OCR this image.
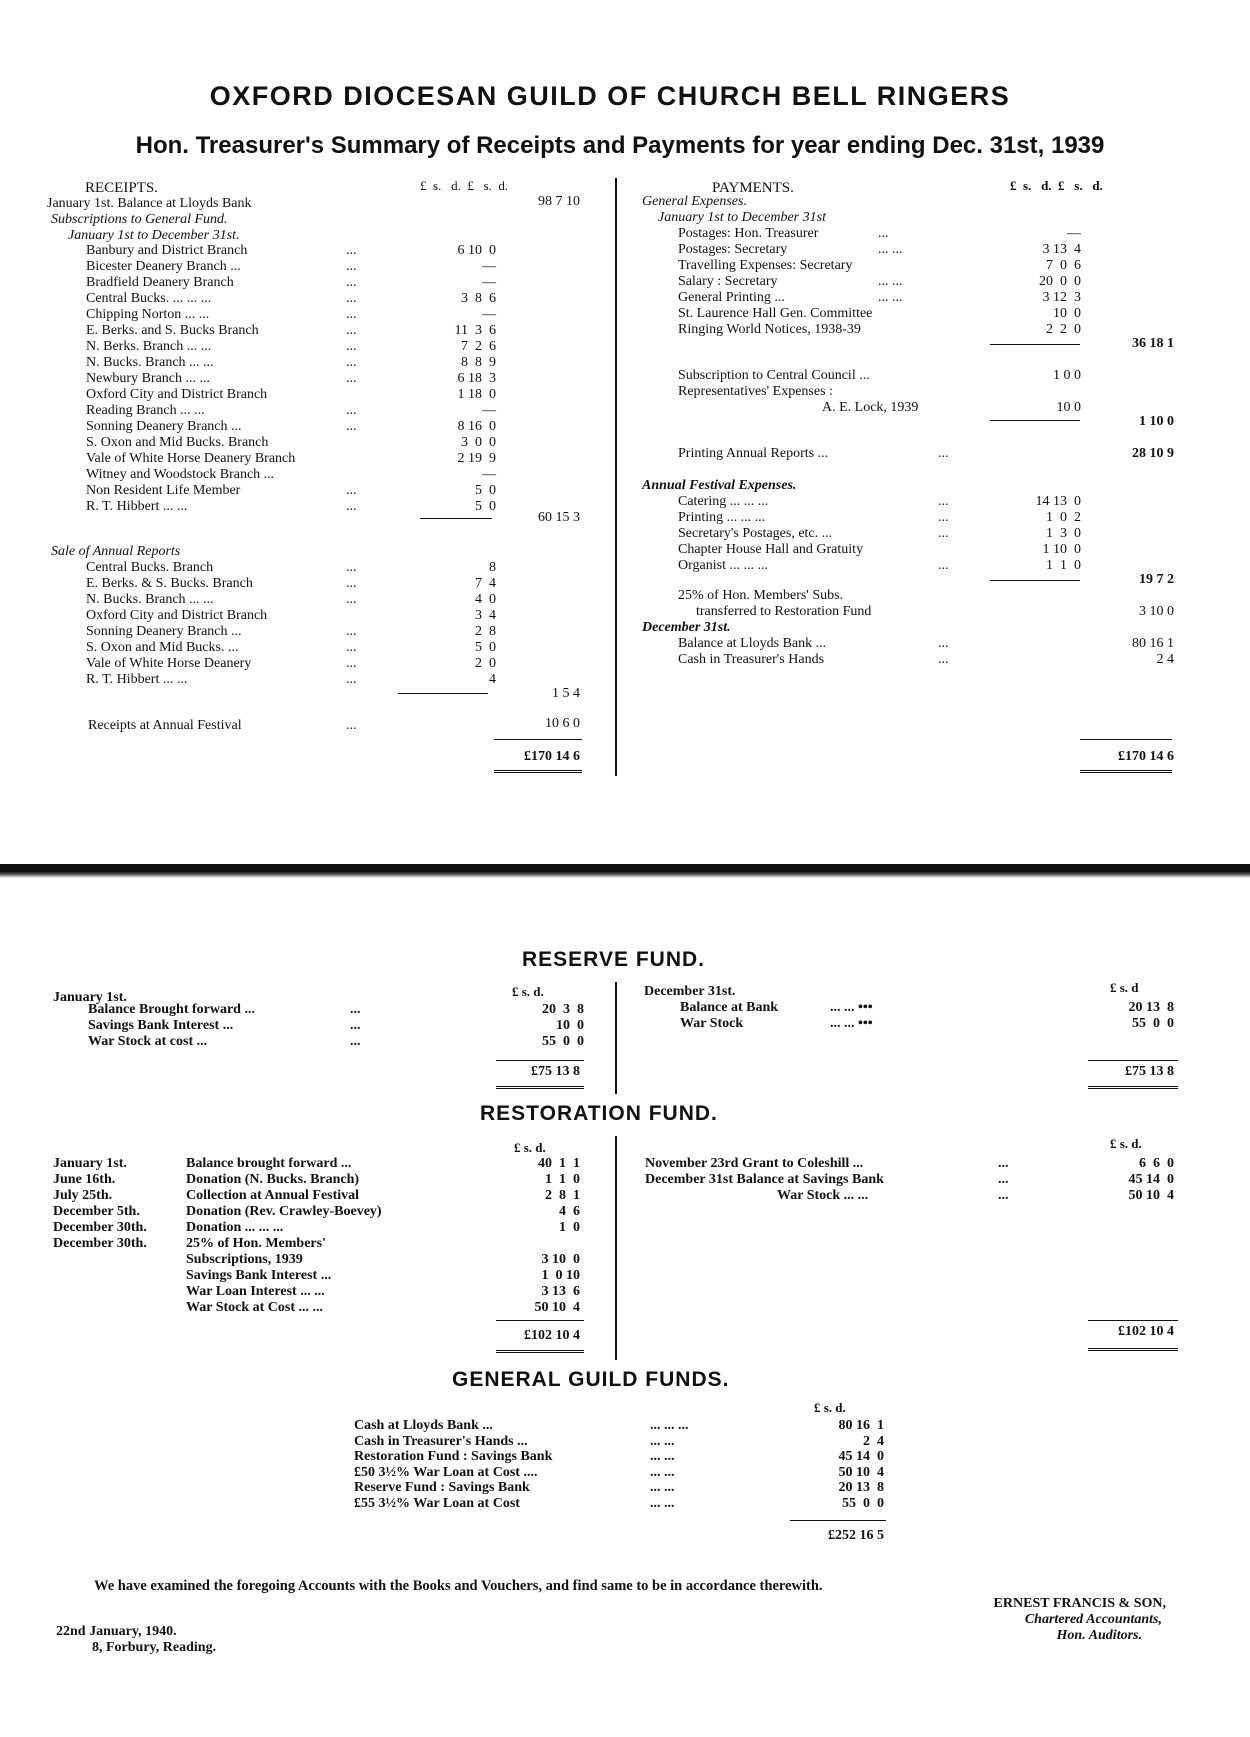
OXFORD DIOCESAN GUILD OF CHURCH BELL RINGERS
Hon. Treasurer's Summary of Receipts and Payments for year ending Dec. 31st, 1939
RECEIPTS.	£ s. d. £ s. d.	PAYMENTS.	£ s. d. £ s. d.
January 1st. Balance at Lloyds Bank	98 7 10
Subscriptions to General Fund.
January 1st to December 31st.
Banbury and District Branch	...	6 10  0
Bicester Deanery Branch ...	...	—
Bradfield Deanery Branch	...	—
Central Bucks. ... ... ...	...	3  8  6
Chipping Norton ... ...	...	—
E. Berks. and S. Bucks Branch	...	11  3  6
N. Berks. Branch ... ...	...	7  2  6
N. Bucks. Branch ... ...	...	8  8  9
Newbury Branch ... ...	...	6 18  3
Oxford City and District Branch	1 18  0
Reading Branch ... ...	...	—
Sonning Deanery Branch ...	...	8 16  0
S. Oxon and Mid Bucks. Branch	3  0  0
Vale of White Horse Deanery Branch	2 19  9
Witney and Woodstock Branch ...	—
Non Resident Life Member	...	5  0
R. T. Hibbert ... ...	...	5  0
60 15 3
Sale of Annual Reports
Central Bucks. Branch	...	8
E. Berks. & S. Bucks. Branch	...	7  4
N. Bucks. Branch ... ...	...	4  0
Oxford City and District Branch	3  4
Sonning Deanery Branch ...	...	2  8
S. Oxon and Mid Bucks. ...	...	5  0
Vale of White Horse Deanery	...	2  0
R. T. Hibbert ... ...	...	4
1 5 4
Receipts at Annual Festival	...	10 6 0
£170 14 6
General Expenses.
January 1st to December 31st
Postages: Hon. Treasurer	...	—
Postages: Secretary	... ...	3 13  4
Travelling Expenses: Secretary	7  0  6
Salary : Secretary	... ...	20  0  0
General Printing ...	... ...	3 12  3
St. Laurence Hall Gen. Committee	10  0
Ringing World Notices, 1938-39	2  2  0
36 18 1
Subscription to Central Council ...	1 0 0
Representatives' Expenses :
A. E. Lock, 1939	10 0
1 10 0
Printing Annual Reports ...	...	28 10 9
Annual Festival Expenses.
Catering ... ... ...	...	14 13  0
Printing ... ... ...	...	1  0  2
Secretary's Postages, etc. ...	...	1  3  0
Chapter House Hall and Gratuity	1 10  0
Organist ... ... ...	...	1  1  0
19 7 2
25% of Hon. Members' Subs.
transferred to Restoration Fund	3 10 0
December 31st.
Balance at Lloyds Bank ...	...	80 16 1
Cash in Treasurer's Hands	...	2 4
£170 14 6
RESERVE FUND.
January 1st.	£ s. d.
Balance Brought forward ...	...	20  3  8
Savings Bank Interest ...	...	10  0
War Stock at cost ...	...	55  0  0
£75 13 8
December 31st.	£ s. d
Balance at Bank	... ... •••	20 13  8
War Stock	... ... •••	55  0  0
£75 13 8
RESTORATION FUND.
£ s. d.
January 1st.	Balance brought forward ...	40  1  1
June 16th.	Donation (N. Bucks. Branch)	1  1  0
July 25th.	Collection at Annual Festival	2  8  1
December 5th.	Donation (Rev. Crawley-Boevey)	4  6
December 30th.	Donation ... ... ...	1  0
December 30th.	25% of Hon. Members'
Subscriptions, 1939	3 10  0
Savings Bank Interest ...	1  0 10
War Loan Interest ... ...	3 13  6
War Stock at Cost ... ...	50 10  4
£102 10 4
£ s. d.
November 23rd Grant to Coleshill ...	...	6  6  0
December 31st Balance at Savings Bank	...	45 14  0
War Stock ... ...	...	50 10  4
£102 10 4
GENERAL GUILD FUNDS.
£ s. d.
Cash at Lloyds Bank ...	... ... ...	80 16  1
Cash in Treasurer's Hands ...	... ...	2  4
Restoration Fund : Savings Bank	... ...	45 14  0
£50 3½% War Loan at Cost ....	... ...	50 10  4
Reserve Fund : Savings Bank	... ...	20 13  8
£55 3½% War Loan at Cost	... ...	55  0  0
£252 16 5
We have examined the foregoing Accounts with the Books and Vouchers, and find same to be in accordance therewith.
ERNEST FRANCIS & SON,
Chartered Accountants,
Hon. Auditors.
22nd January, 1940.
8, Forbury, Reading.
